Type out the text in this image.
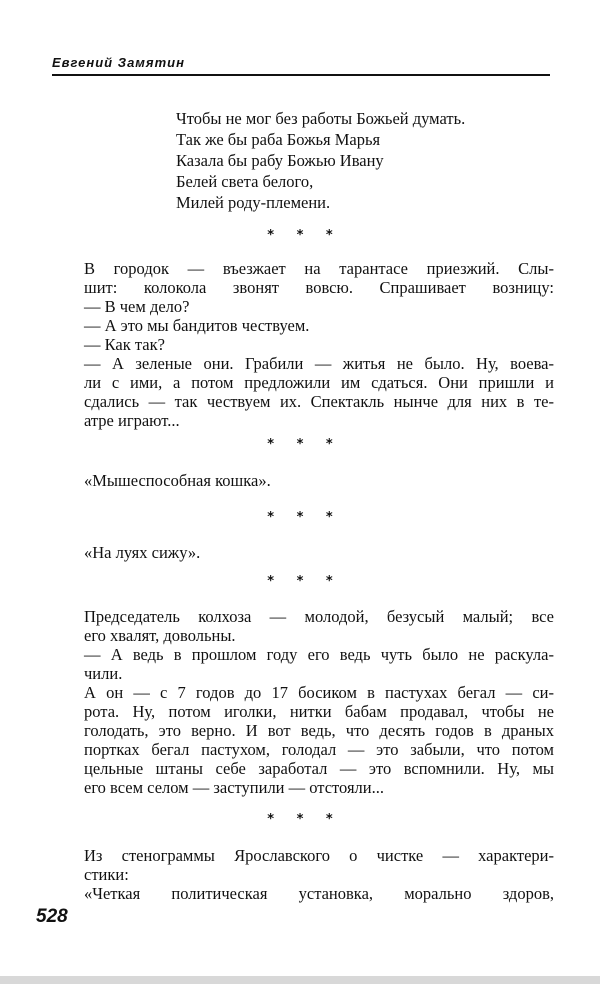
Евгений Замятин
Чтобы не мог без работы Божьей думать.
Так же бы раба Божья Марья
Казала бы рабу Божью Ивану
Белей света белого,
Милей роду-племени.
* * *
В городок — въезжает на тарантасе приезжий. Слы-
шит: колокола звонят вовсю. Спрашивает возницу:
— В чем дело?
— А это мы бандитов чествуем.
— Как так?
— А зеленые они. Грабили — житья не было. Ну, воева-
ли с ими, а потом предложили им сдаться. Они пришли и
сдались — так чествуем их. Спектакль нынче для них в те-
атре играют...
* * *
«Мышеспособная кошка».
* * *
«На луях сижу».
* * *
Председатель колхоза — молодой, безусый малый; все
его хвалят, довольны.
— А ведь в прошлом году его ведь чуть было не раскула-
чили.
А он — с 7 годов до 17 босиком в пастухах бегал — си-
рота. Ну, потом иголки, нитки бабам продавал, чтобы не
голодать, это верно. И вот ведь, что десять годов в драных
портках бегал пастухом, голодал — это забыли, что потом
цельные штаны себе заработал — это вспомнили. Ну, мы
его всем селом — заступили — отстояли...
* * *
Из стенограммы Ярославского о чистке — характери-
стики:
«Четкая политическая установка, морально здоров,
528
